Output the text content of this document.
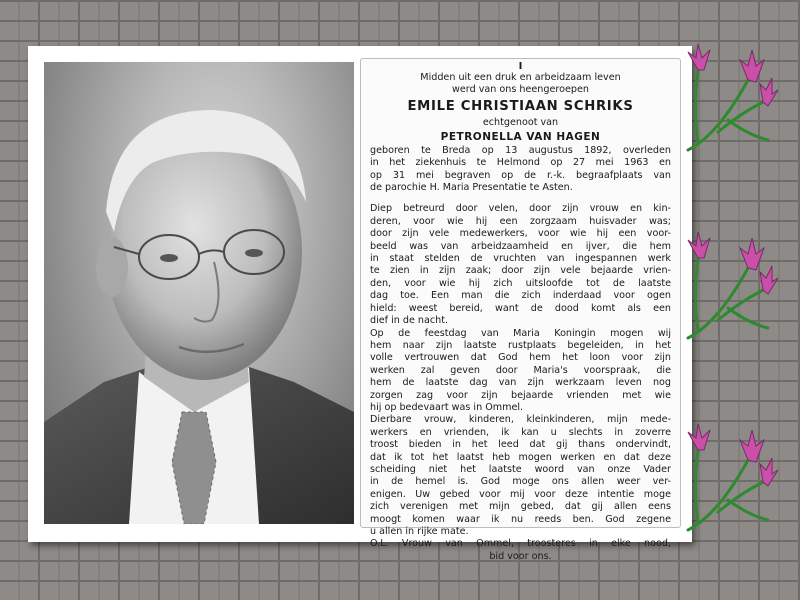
I
Midden uit een druk en arbeidzaam leven
werd van ons heengeroepen
EMILE CHRISTIAAN SCHRIKS
echtgenoot van
PETRONELLA VAN HAGEN
geboren te Breda op 13 augustus 1892, overleden
in het ziekenhuis te Helmond op 27 mei 1963 en
op 31 mei begraven op de r.-k. begraafplaats van
de parochie H. Maria Presentatie te Asten.
Diep betreurd door velen, door zijn vrouw en kin-
deren, voor wie hij een zorgzaam huisvader was;
door zijn vele medewerkers, voor wie hij een voor-
beeld was van arbeidzaamheid en ijver, die hem
in staat stelden de vruchten van ingespannen werk
te zien in zijn zaak; door zijn vele bejaarde vrien-
den, voor wie hij zich uitsloofde tot de laatste
dag toe. Een man die zich inderdaad voor ogen
hield: weest bereid, want de dood komt als een
dief in de nacht.
Op de feestdag van Maria Koningin mogen wij
hem naar zijn laatste rustplaats begeleiden, in het
volle vertrouwen dat God hem het loon voor zijn
werken zal geven door Maria's voorspraak, die
hem de laatste dag van zijn werkzaam leven nog
zorgen zag voor zijn bejaarde vrienden met wie
hij op bedevaart was in Ommel.
Dierbare vrouw, kinderen, kleinkinderen, mijn mede-
werkers en vrienden, ik kan u slechts in zoverre
troost bieden in het leed dat gij thans ondervindt,
dat ik tot het laatst heb mogen werken en dat deze
scheiding niet het laatste woord van onze Vader
in de hemel is. God moge ons allen weer ver-
enigen. Uw gebed voor mij voor deze intentie moge
zich verenigen met mijn gebed, dat gij allen eens
moogt komen waar ik nu reeds ben. God zegene
u allen in rijke mate.
O.L. Vrouw van Ommel, troosteres in elke nood,
bid voor ons.
